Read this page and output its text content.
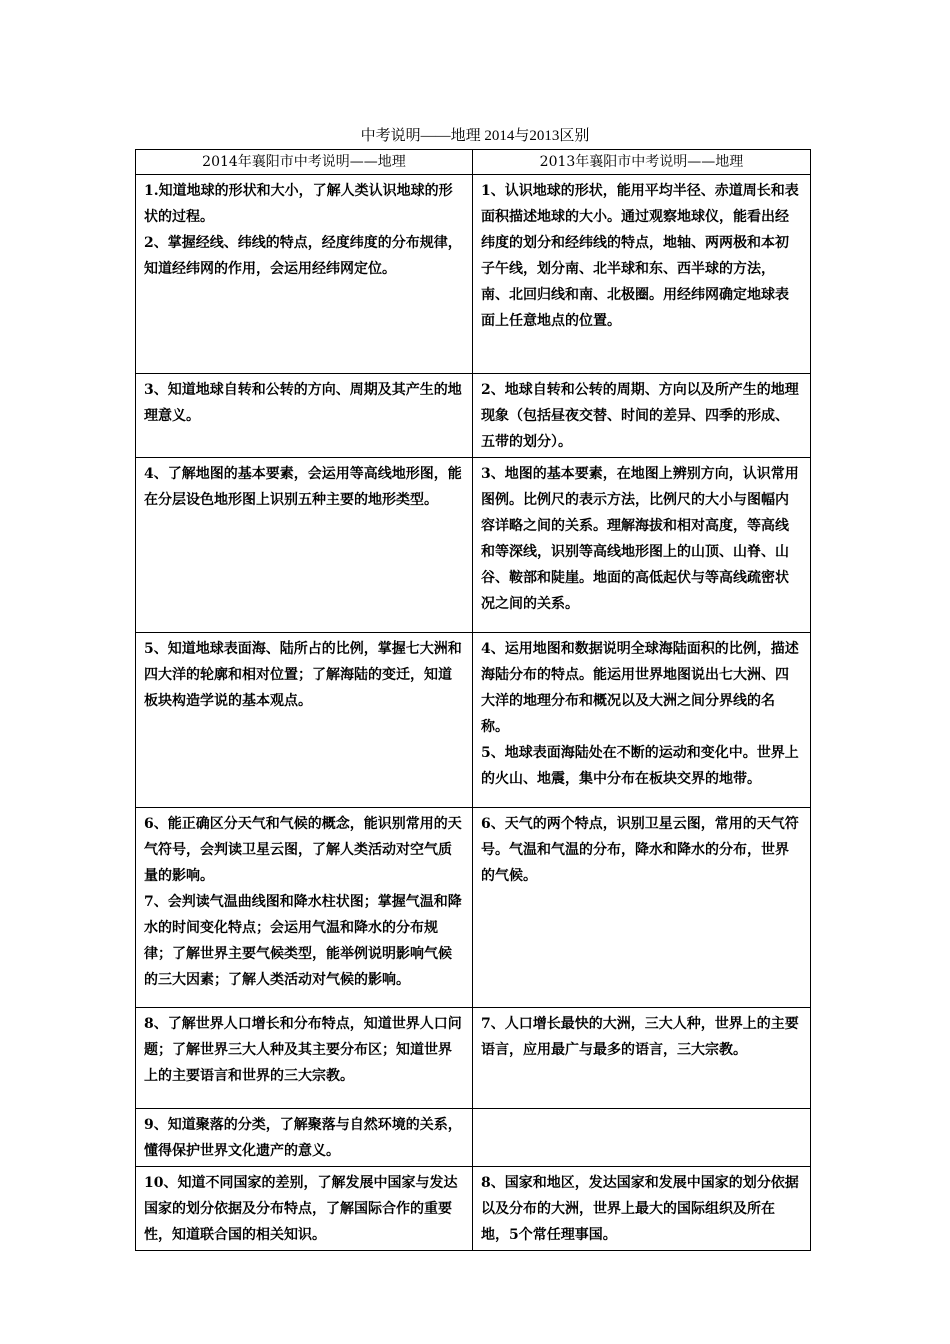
中考说明——地理 2014与2013区别
2014年襄阳市中考说明——地理	2013年襄阳市中考说明——地理

1.知道地球的形状和大小，了解人类认识地球的形状的过程。
2、掌握经线、纬线的特点，经度纬度的分布规律，知道经纬网的作用，会运用经纬网定位。	1、认识地球的形状，能用平均半径、赤道周长和表面积描述地球的大小。通过观察地球仪，能看出经纬度的划分和经纬线的特点，地轴、两两极和本初子午线，划分南、北半球和东、西半球的方法，南、北回归线和南、北极圈。用经纬网确定地球表面上任意地点的位置。

3、知道地球自转和公转的方向、周期及其产生的地理意义。	2、地球自转和公转的周期、方向以及所产生的地理现象（包括昼夜交替、时间的差异、四季的形成、五带的划分）。

4、了解地图的基本要素，会运用等高线地形图，能在分层设色地形图上识别五种主要的地形类型。	3、地图的基本要素，在地图上辨别方向，认识常用图例。比例尺的表示方法，比例尺的大小与图幅内容详略之间的关系。理解海拔和相对高度，等高线和等深线，识别等高线地形图上的山顶、山脊、山谷、鞍部和陡崖。地面的高低起伏与等高线疏密状况之间的关系。

5、知道地球表面海、陆所占的比例，掌握七大洲和四大洋的轮廓和相对位置；了解海陆的变迁，知道板块构造学说的基本观点。	4、运用地图和数据说明全球海陆面积的比例，描述海陆分布的特点。能运用世界地图说出七大洲、四大洋的地理分布和概况以及大洲之间分界线的名称。
5、地球表面海陆处在不断的运动和变化中。世界上的火山、地震，集中分布在板块交界的地带。

6、能正确区分天气和气候的概念，能识别常用的天气符号，会判读卫星云图，了解人类活动对空气质量的影响。
7、会判读气温曲线图和降水柱状图；掌握气温和降水的时间变化特点；会运用气温和降水的分布规律；了解世界主要气候类型，能举例说明影响气候的三大因素；了解人类活动对气候的影响。	6、天气的两个特点，识别卫星云图，常用的天气符号。气温和气温的分布，降水和降水的分布，世界的气候。

8、了解世界人口增长和分布特点，知道世界人口问题；了解世界三大人种及其主要分布区；知道世界上的主要语言和世界的三大宗教。	7、人口增长最快的大洲，三大人种，世界上的主要语言，应用最广与最多的语言，三大宗教。

9、知道聚落的分类，了解聚落与自然环境的关系，懂得保护世界文化遗产的意义。	

10、知道不同国家的差别，了解发展中国家与发达国家的划分依据及分布特点，了解国际合作的重要性，知道联合国的相关知识。	8、国家和地区，发达国家和发展中国家的划分依据以及分布的大洲，世界上最大的国际组织及所在地，5个常任理事国。
